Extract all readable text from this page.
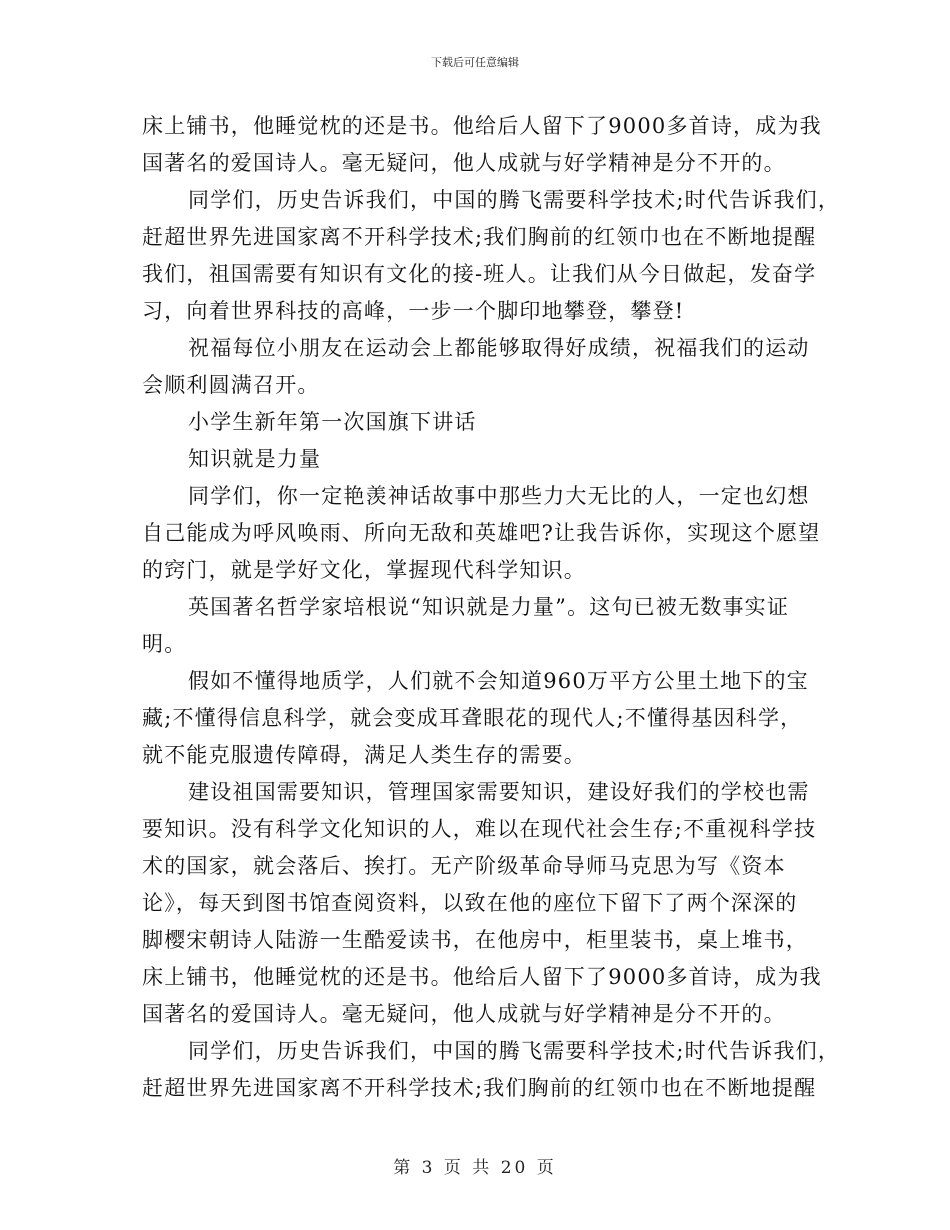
下载后可任意编辑
床上铺书，他睡觉枕的还是书。他给后人留下了9000多首诗，成为我
国著名的爱国诗人。毫无疑问，他人成就与好学精神是分不开的。
同学们，历史告诉我们，中国的腾飞需要科学技术;时代告诉我们，
赶超世界先进国家离不开科学技术;我们胸前的红领巾也在不断地提醒
我们，祖国需要有知识有文化的接-班人。让我们从今日做起，发奋学
习，向着世界科技的高峰，一步一个脚印地攀登，攀登!
祝福每位小朋友在运动会上都能够取得好成绩，祝福我们的运动
会顺利圆满召开。
小学生新年第一次国旗下讲话
知识就是力量
同学们，你一定艳羡神话故事中那些力大无比的人，一定也幻想
自己能成为呼风唤雨、所向无敌和英雄吧?让我告诉你，实现这个愿望
的窍门，就是学好文化，掌握现代科学知识。
英国著名哲学家培根说“知识就是力量”。这句已被无数事实证
明。
假如不懂得地质学，人们就不会知道960万平方公里土地下的宝
藏;不懂得信息科学，就会变成耳聋眼花的现代人;不懂得基因科学，
就不能克服遗传障碍，满足人类生存的需要。
建设祖国需要知识，管理国家需要知识，建设好我们的学校也需
要知识。没有科学文化知识的人，难以在现代社会生存;不重视科学技
术的国家，就会落后、挨打。无产阶级革命导师马克思为写《资本
论》，每天到图书馆查阅资料，以致在他的座位下留下了两个深深的
脚樱宋朝诗人陆游一生酷爱读书，在他房中，柜里装书，桌上堆书，
床上铺书，他睡觉枕的还是书。他给后人留下了9000多首诗，成为我
国著名的爱国诗人。毫无疑问，他人成就与好学精神是分不开的。
同学们，历史告诉我们，中国的腾飞需要科学技术;时代告诉我们，
赶超世界先进国家离不开科学技术;我们胸前的红领巾也在不断地提醒
第 3 页 共 20 页
